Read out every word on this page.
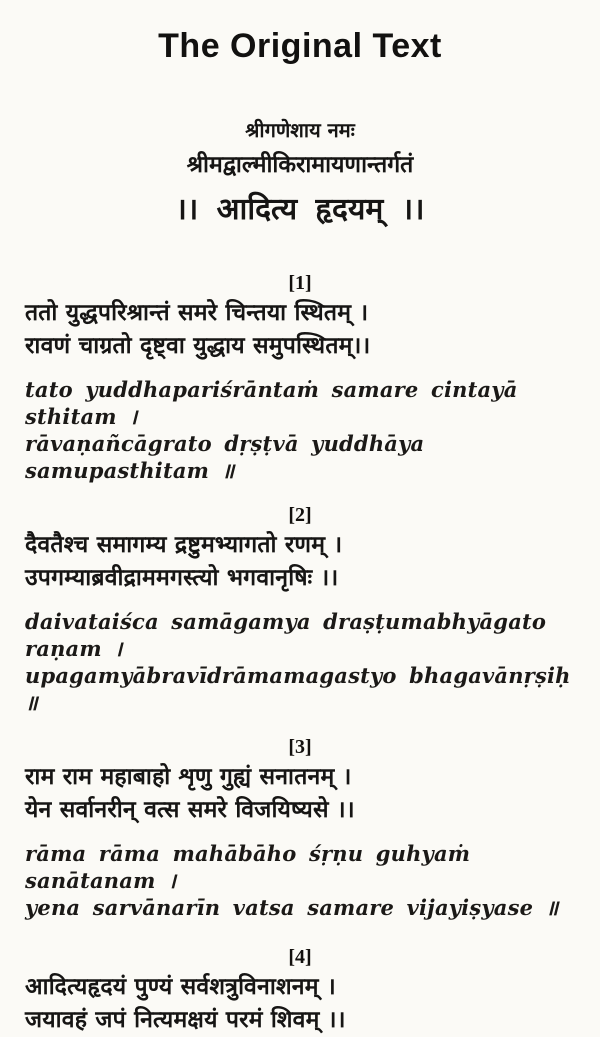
The Original Text
श्रीगणेशाय नमः
श्रीमद्वाल्मीकिरामायणान्तर्गतं
।। आदित्य हृदयम् ।।
[1]
ततो युद्धपरिश्रान्तं समरे चिन्तया स्थितम् ।
रावणं चाग्रतो दृष्ट्वा युद्धाय समुपस्थितम्।।
tato yuddhapariśrāntaṁ samare cintayā sthitam ।
rāvaṇañcāgrato dṛṣṭvā yuddhāya samupasthitam ॥
[2]
दैवतैश्च समागम्य द्रष्टुमभ्यागतो रणम् ।
उपगम्याब्रवीद्राममगस्त्यो भगवानृषिः ।।
daivataiśca samāgamya draṣṭumabhyāgato raṇam ।
upagamyābravīdrāmamagastyo bhagavānṛṣiḥ ॥
[3]
राम राम महाबाहो शृणु गुह्यं सनातनम् ।
येन सर्वानरीन् वत्स समरे विजयिष्यसे ।।
rāma rāma mahābāho śṛṇu guhyaṁ sanātanam ।
yena sarvānarīn vatsa samare vijayiṣyase ॥
[4]
आदित्यहृदयं पुण्यं सर्वशत्रुविनाशनम् ।
जयावहं जपं नित्यमक्षयं परमं शिवम् ।।
